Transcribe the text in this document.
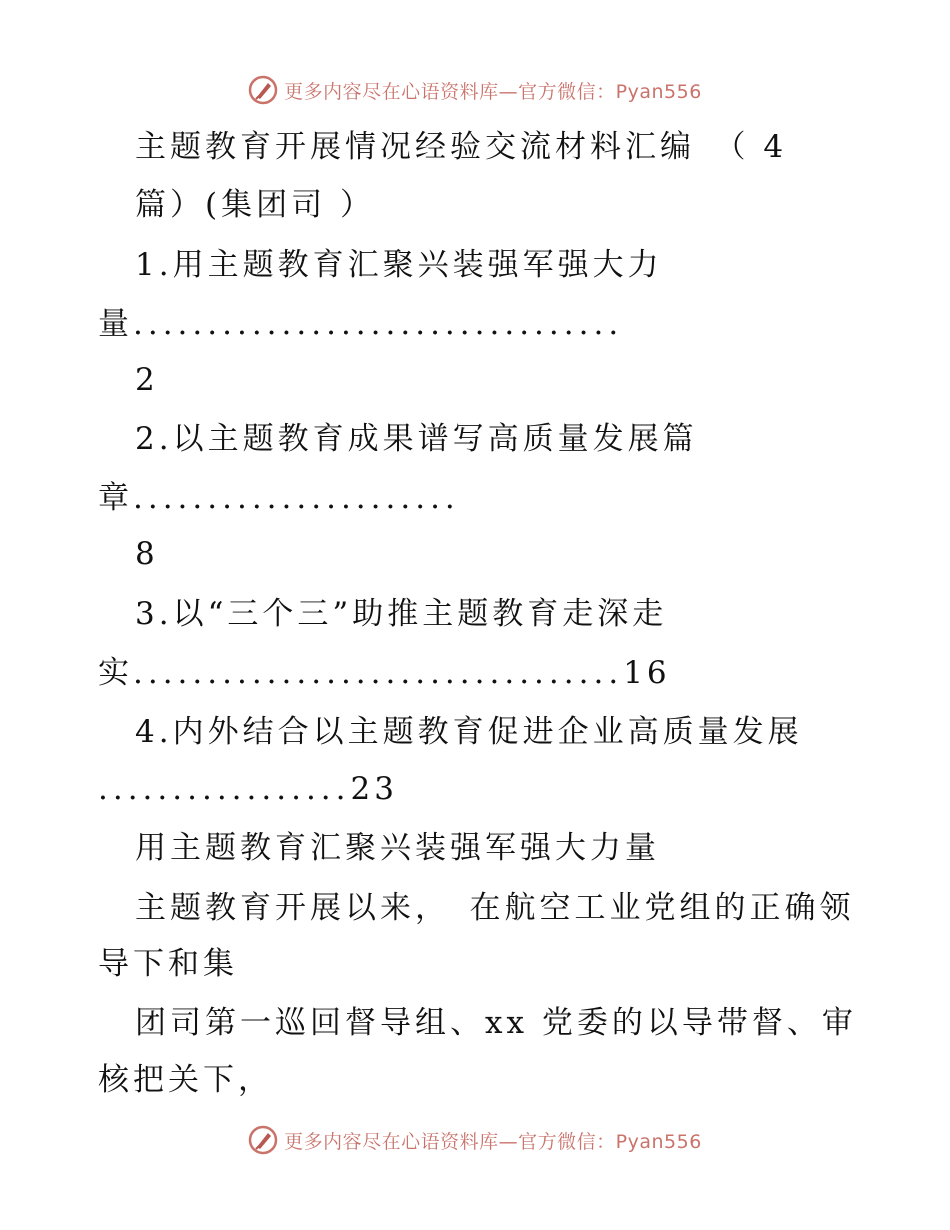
更多内容尽在心语资料库—官方微信：Pyan556

主题教育开展情况经验交流材料汇编　（ 4

篇）(集团司 ）

1.用主题教育汇聚兴装强军强大力

量.................................

2

2.以主题教育成果谱写高质量发展篇

章......................

8

3.以“三个三”助推主题教育走深走

实.................................16

4.内外结合以主题教育促进企业高质量发展

.................23

用主题教育汇聚兴装强军强大力量

主题教育开展以来，　在航空工业党组的正确领

导下和集

团司第一巡回督导组、xx 党委的以导带督、审

核把关下，

更多内容尽在心语资料库—官方微信：Pyan556
